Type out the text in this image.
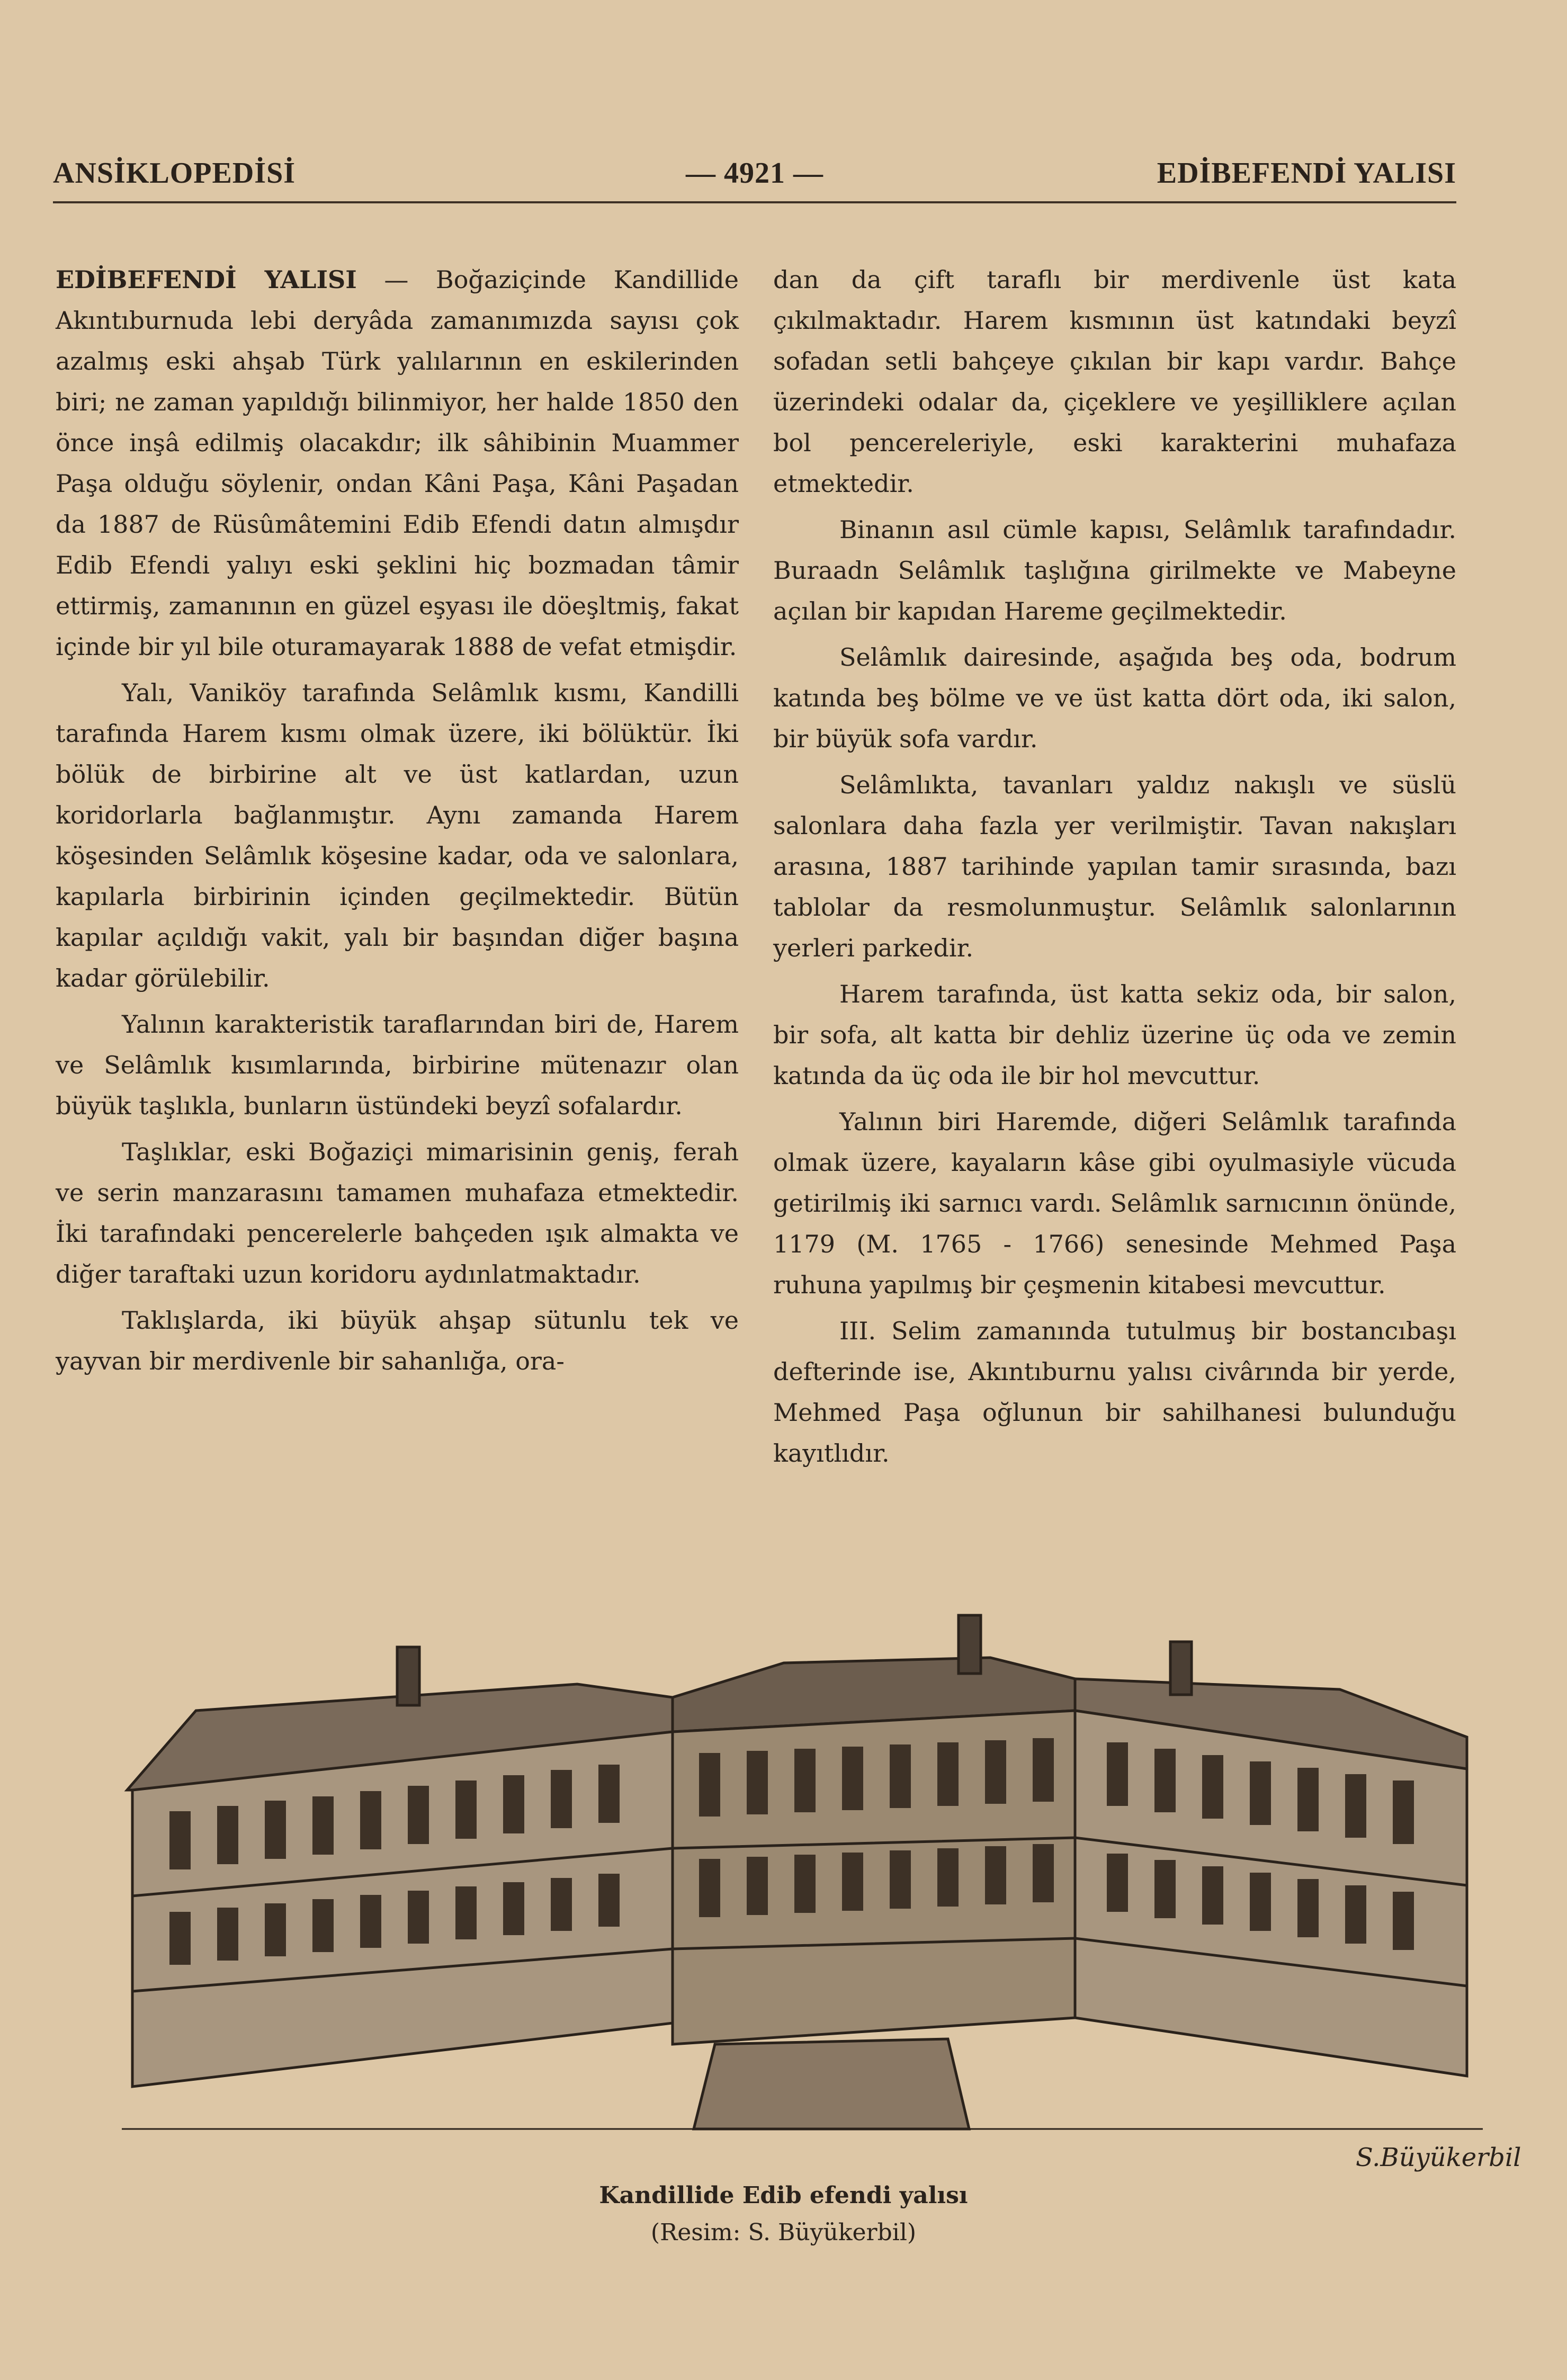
ANSİKLOPEDİSİ	— 4921 —	EDİBEFENDİ YALISI

EDİBEFENDİ YALISI — Boğaziçinde Kandillide Akıntıburnuda lebi deryâda zamanımızda sayısı çok azalmış eski ahşab Türk yalılarının en eskilerinden biri; ne zaman yapıldığı bilinmiyor, her halde 1850 den önce inşâ edilmiş olacakdır; ilk sâhibinin Muammer Paşa olduğu söylenir, ondan Kâni Paşa, Kâni Paşadan da 1887 de Rüsûmâtemini Edib Efendi datın almışdır Edib Efendi yalıyı eski şeklini hiç bozmadan tâmir ettirmiş, zamanının en güzel eşyası ile döeşltmiş, fakat içinde bir yıl bile oturamayarak 1888 de vefat etmişdir.

Yalı, Vaniköy tarafında Selâmlık kısmı, Kandilli tarafında Harem kısmı olmak üzere, iki bölüktür. İki bölük de birbirine alt ve üst katlardan, uzun koridorlarla bağlanmıştır. Aynı zamanda Harem köşesinden Selâmlık köşesine kadar, oda ve salonlara, kapılarla birbirinin içinden geçilmektedir. Bütün kapılar açıldığı vakit, yalı bir başından diğer başına kadar görülebilir.

Yalının karakteristik taraflarından biri de, Harem ve Selâmlık kısımlarında, birbirine mütenazır olan büyük taşlıkla, bunların üstündeki beyzî sofalardır.

Taşlıklar, eski Boğaziçi mimarisinin geniş, ferah ve serin manzarasını tamamen muhafaza etmektedir. İki tarafındaki pencerelerle bahçeden ışık almakta ve diğer taraftaki uzun koridoru aydınlatmaktadır.

Taklışlarda, iki büyük ahşap sütunlu tek ve yayvan bir merdivenle bir sahanlığa, ora-

dan da çift taraflı bir merdivenle üst kata çıkılmaktadır. Harem kısmının üst katındaki beyzî sofadan setli bahçeye çıkılan bir kapı vardır. Bahçe üzerindeki odalar da, çiçeklere ve yeşilliklere açılan bol pencereleriyle, eski karakterini muhafaza etmektedir.

Binanın asıl cümle kapısı, Selâmlık tarafındadır. Buraadn Selâmlık taşlığına girilmekte ve Mabeyne açılan bir kapıdan Hareme geçilmektedir.

Selâmlık dairesinde, aşağıda beş oda, bodrum katında beş bölme ve ve üst katta dört oda, iki salon, bir büyük sofa vardır.

Selâmlıkta, tavanları yaldız nakışlı ve süslü salonlara daha fazla yer verilmiştir. Tavan nakışları arasına, 1887 tarihinde yapılan tamir sırasında, bazı tablolar da resmolunmuştur. Selâmlık salonlarının yerleri parkedir.

Harem tarafında, üst katta sekiz oda, bir salon, bir sofa, alt katta bir dehliz üzerine üç oda ve zemin katında da üç oda ile bir hol mevcuttur.

Yalının biri Haremde, diğeri Selâmlık tarafında olmak üzere, kayaların kâse gibi oyulmasiyle vücuda getirilmiş iki sarnıcı vardı. Selâmlık sarnıcının önünde, 1179 (M. 1765 - 1766) senesinde Mehmed Paşa ruhuna yapılmış bir çeşmenin kitabesi mevcuttur.

III. Selim zamanında tutulmuş bir bostancıbaşı defterinde ise, Akıntıburnu yalısı civârında bir yerde, Mehmed Paşa oğlunun bir sahilhanesi bulunduğu kayıtlıdır.

S.Büyükerbil
Kandillide Edib efendi yalısı
(Resim: S. Büyükerbil)
